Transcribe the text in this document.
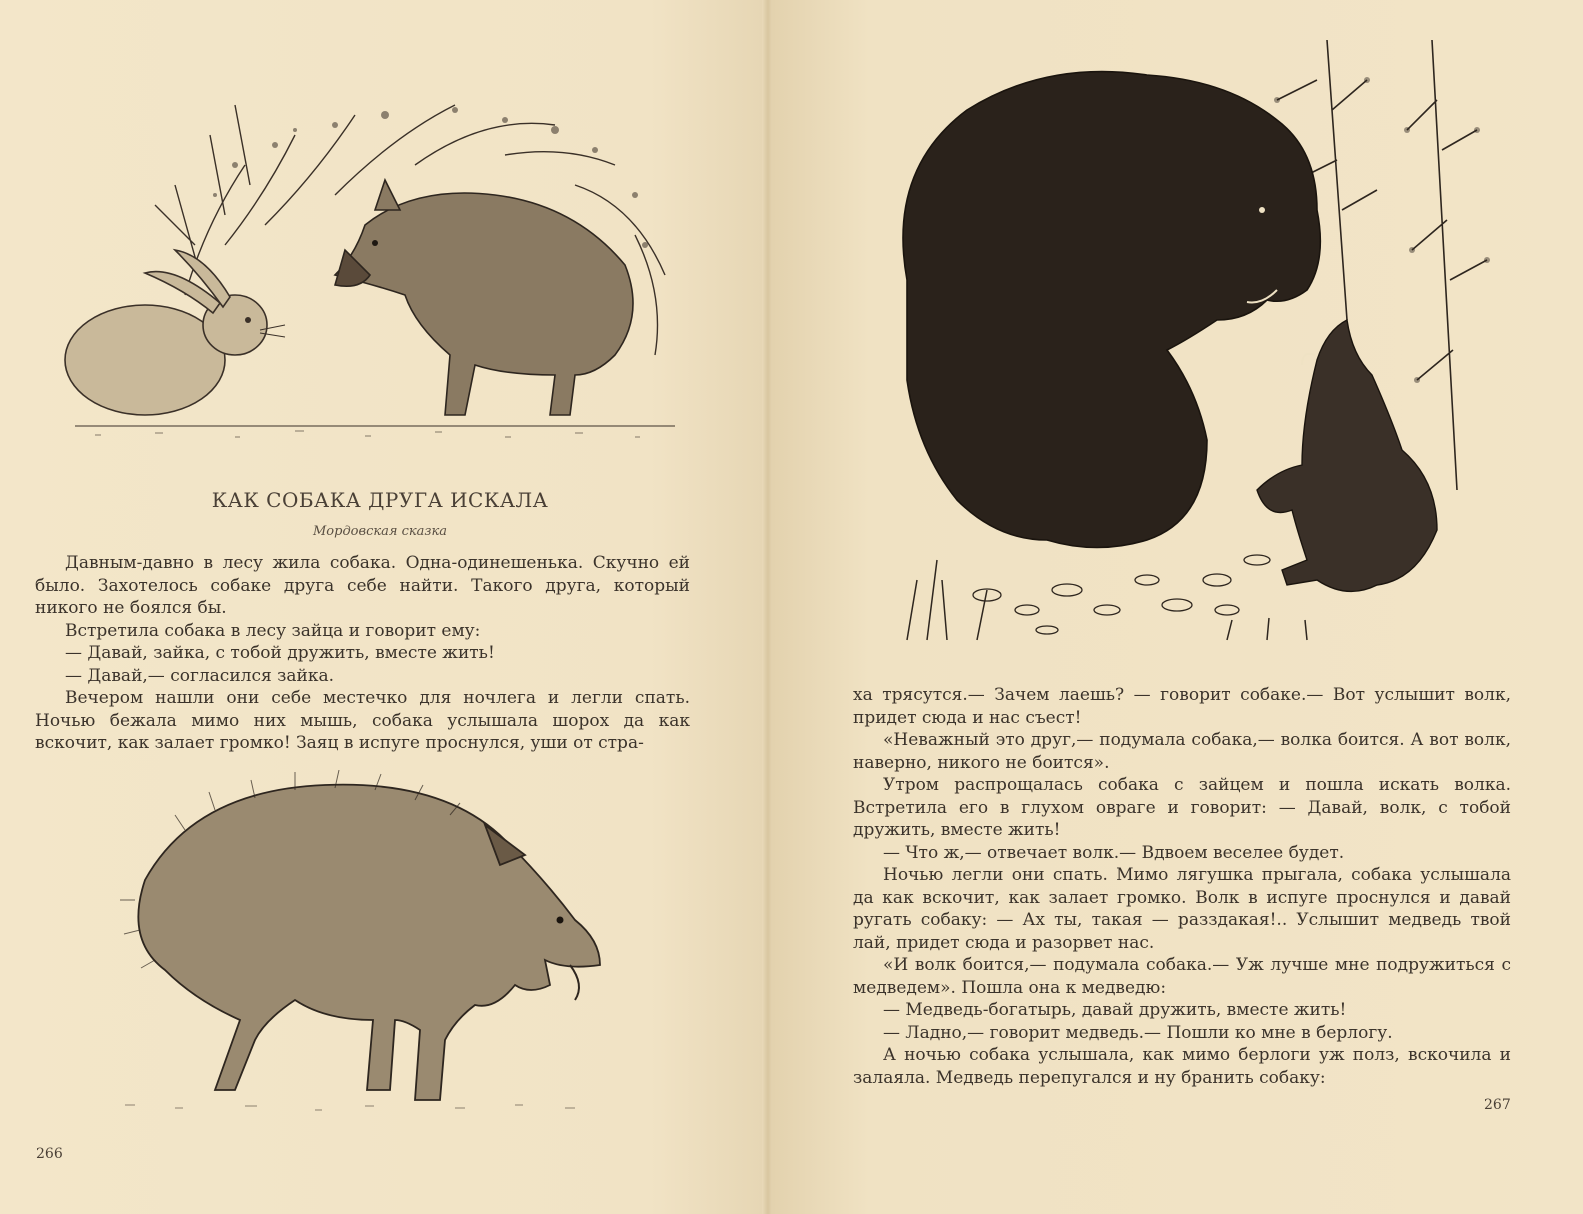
КАК СОБАКА ДРУГА ИСКАЛА
Мордовская сказка

Давным-давно в лесу жила собака. Одна-одинешенька. Скучно ей было. Захотелось собаке друга себе найти. Такого друга, который никого не боялся бы.

Встретила собака в лесу зайца и говорит ему:

— Давай, зайка, с тобой дружить, вместе жить!

— Давай,— согласился зайка.

Вечером нашли они себе местечко для ночлега и легли спать. Ночью бежала мимо них мышь, собака услышала шорох да как вскочит, как залает громко! Заяц в испуге проснулся, уши от стра-

266

ха трясутся.— Зачем лаешь? — говорит собаке.— Вот услышит волк, придет сюда и нас съест!

«Неважный это друг,— подумала собака,— волка боится. А вот волк, наверно, никого не боится».

Утром распрощалась собака с зайцем и пошла искать волка. Встретила его в глухом овраге и говорит: — Давай, волк, с тобой дружить, вместе жить!

— Что ж,— отвечает волк.— Вдвоем веселее будет.

Ночью легли они спать. Мимо лягушка прыгала, собака услышала да как вскочит, как залает громко. Волк в испуге проснулся и давай ругать собаку: — Ах ты, такая — разздакая!.. Услышит медведь твой лай, придет сюда и разорвет нас.

«И волк боится,— подумала собака.— Уж лучше мне подружиться с медведем». Пошла она к медведю:

— Медведь-богатырь, давай дружить, вместе жить!

— Ладно,— говорит медведь.— Пошли ко мне в берлогу.

А ночью собака услышала, как мимо берлоги уж полз, вскочила и залаяла. Медведь перепугался и ну бранить собаку:

267
